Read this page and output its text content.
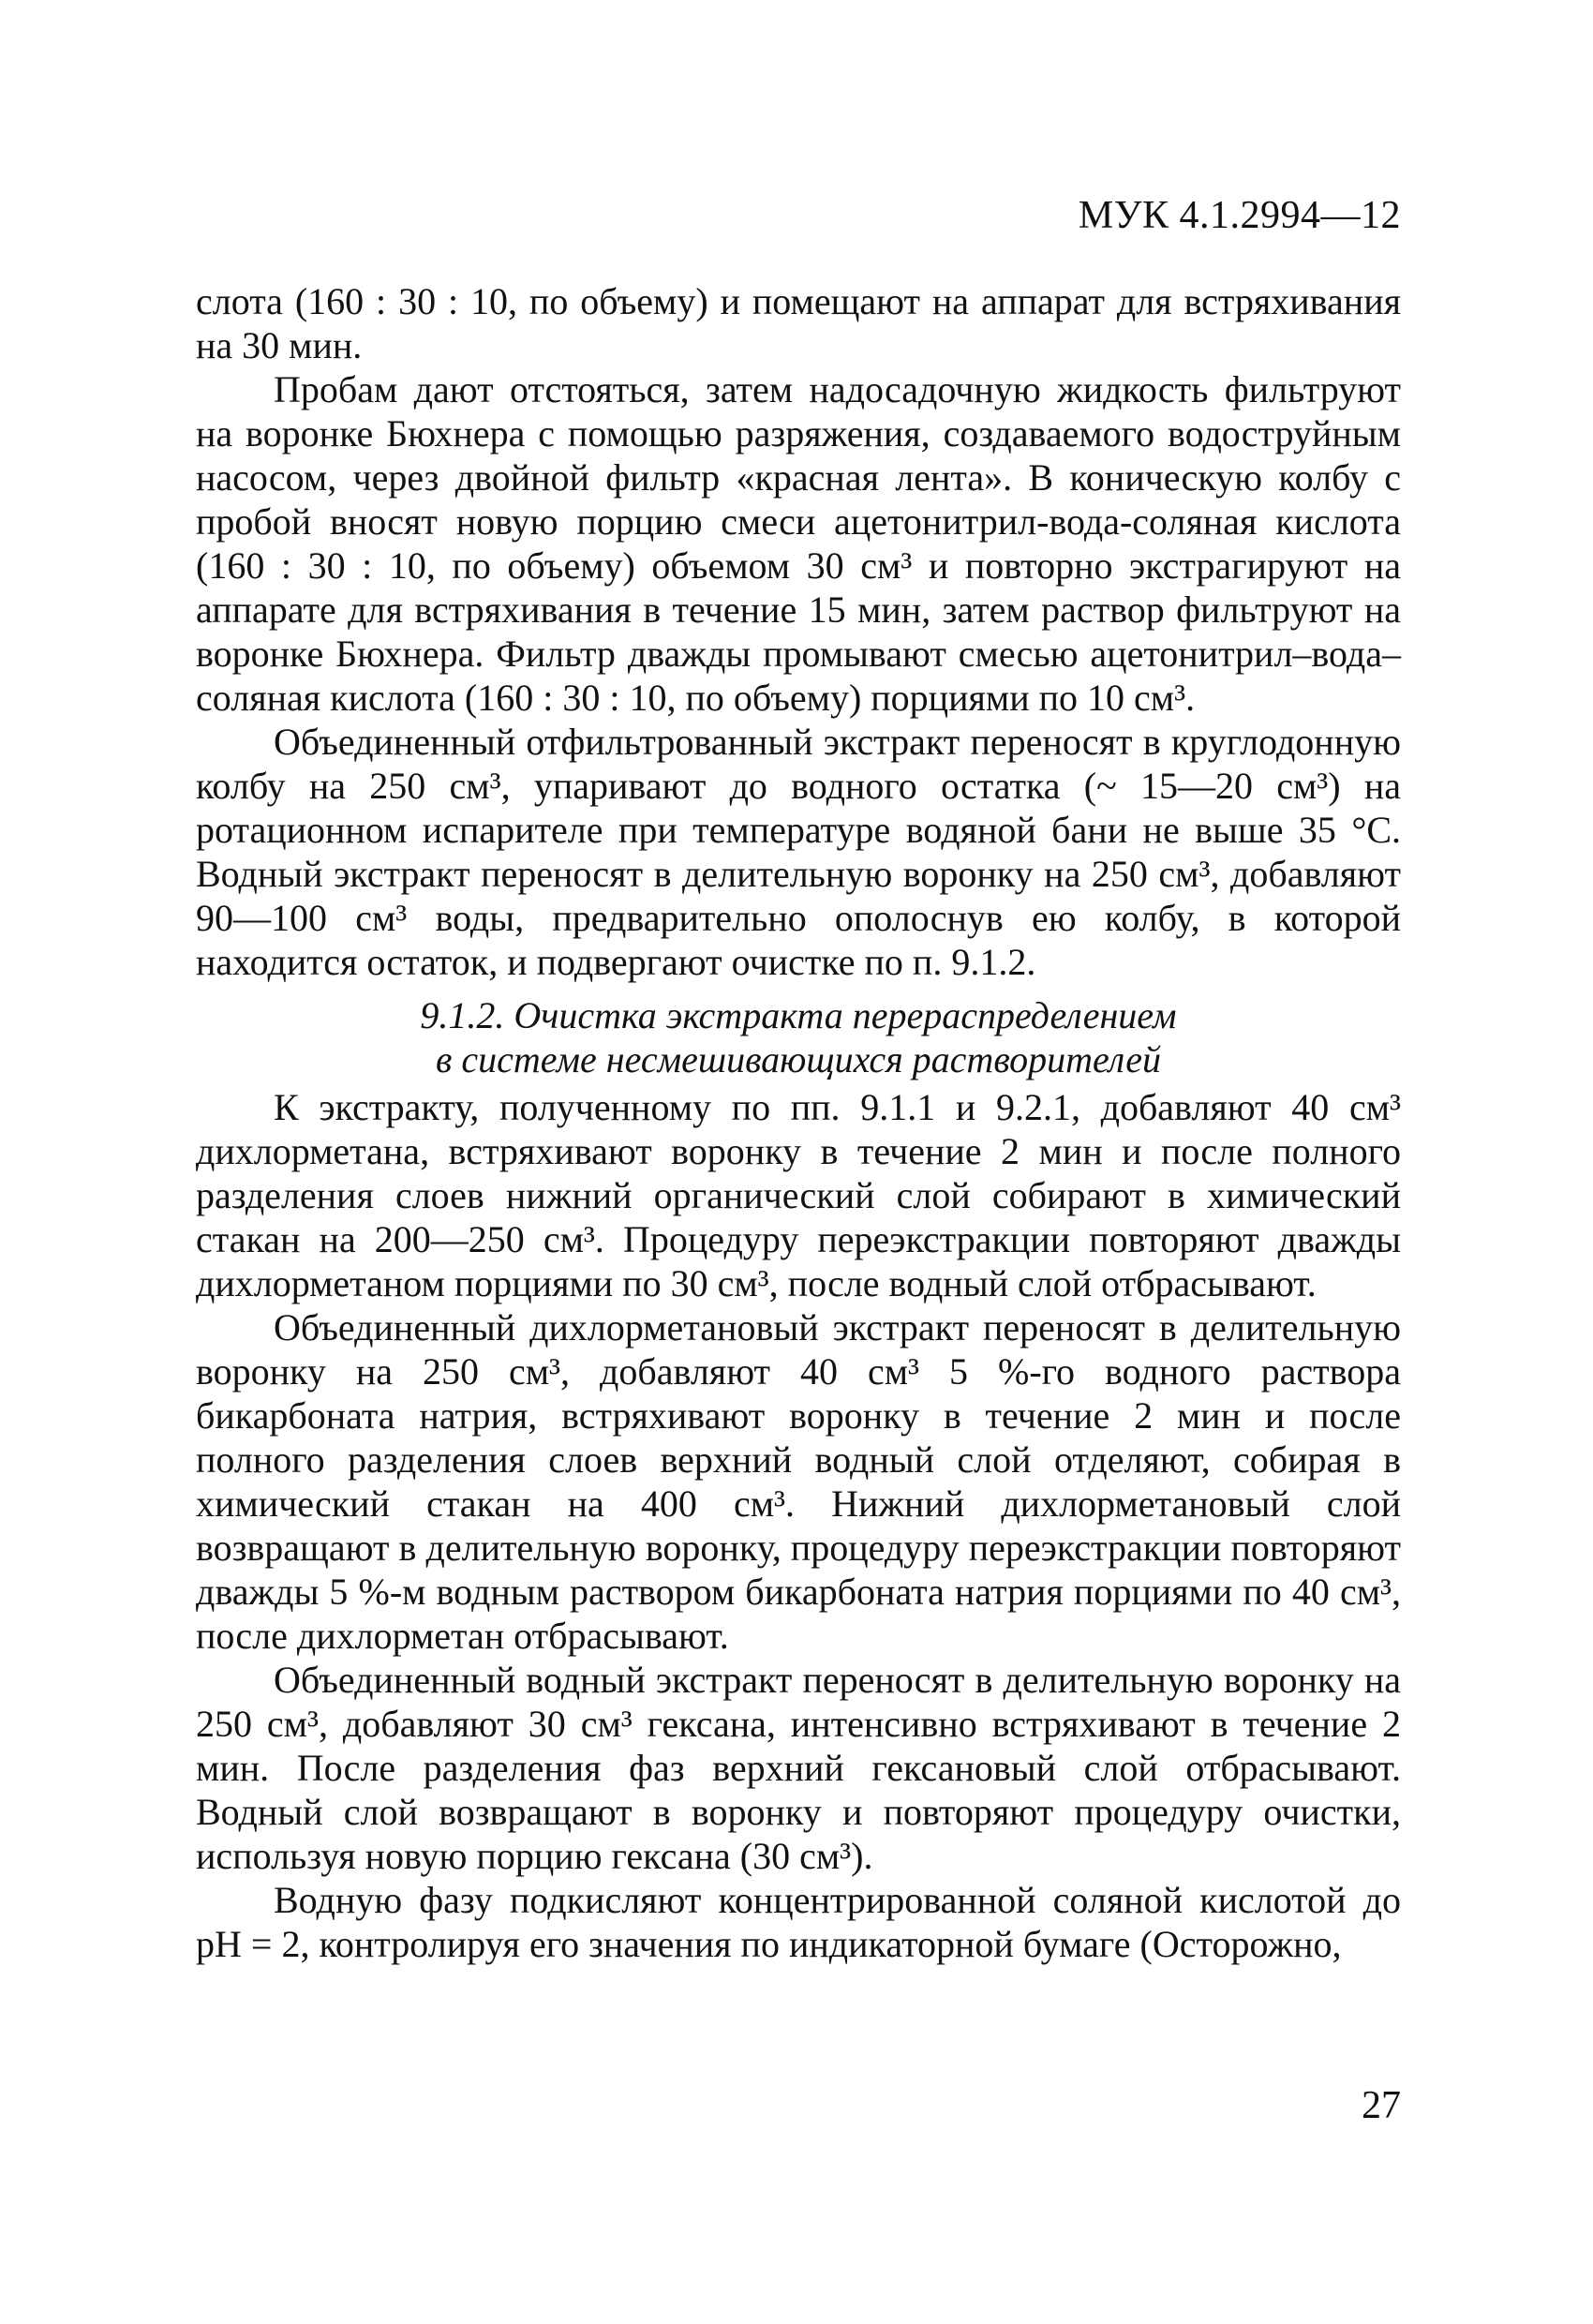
МУК 4.1.2994—12

слота (160 : 30 : 10, по объему) и помещают на аппарат для встряхивания на 30 мин.

Пробам дают отстояться, затем надосадочную жидкость фильтруют на воронке Бюхнера с помощью разряжения, создаваемого водоструйным насосом, через двойной фильтр «красная лента». В коническую колбу с пробой вносят новую порцию смеси ацетонитрил-вода-соляная кислота (160 : 30 : 10, по объему) объемом 30 см³ и повторно экстрагируют на аппарате для встряхивания в течение 15 мин, затем раствор фильтруют на воронке Бюхнера. Фильтр дважды промывают смесью ацетонитрил–вода–соляная кислота (160 : 30 : 10, по объему) порциями по 10 см³.

Объединенный отфильтрованный экстракт переносят в круглодонную колбу на 250 см³, упаривают до водного остатка (~ 15—20 см³) на ротационном испарителе при температуре водяной бани не выше 35 °С. Водный экстракт переносят в делительную воронку на 250 см³, добавляют 90—100 см³ воды, предварительно ополоснув ею колбу, в которой находится остаток, и подвергают очистке по п. 9.1.2.

9.1.2. Очистка экстракта перераспределением
в системе несмешивающихся растворителей

К экстракту, полученному по пп. 9.1.1 и 9.2.1, добавляют 40 см³ дихлорметана, встряхивают воронку в течение 2 мин и после полного разделения слоев нижний органический слой собирают в химический стакан на 200—250 см³. Процедуру переэкстракции повторяют дважды дихлорметаном порциями по 30 см³, после водный слой отбрасывают.

Объединенный дихлорметановый экстракт переносят в делительную воронку на 250 см³, добавляют 40 см³ 5 %-го водного раствора бикарбоната натрия, встряхивают воронку в течение 2 мин и после полного разделения слоев верхний водный слой отделяют, собирая в химический стакан на 400 см³. Нижний дихлорметановый слой возвращают в делительную воронку, процедуру переэкстракции повторяют дважды 5 %-м водным раствором бикарбоната натрия порциями по 40 см³, после дихлорметан отбрасывают.

Объединенный водный экстракт переносят в делительную воронку на 250 см³, добавляют 30 см³ гексана, интенсивно встряхивают в течение 2 мин. После разделения фаз верхний гексановый слой отбрасывают. Водный слой возвращают в воронку и повторяют процедуру очистки, используя новую порцию гексана (30 см³).

Водную фазу подкисляют концентрированной соляной кислотой до рН = 2, контролируя его значения по индикаторной бумаге (Осторожно,

27
